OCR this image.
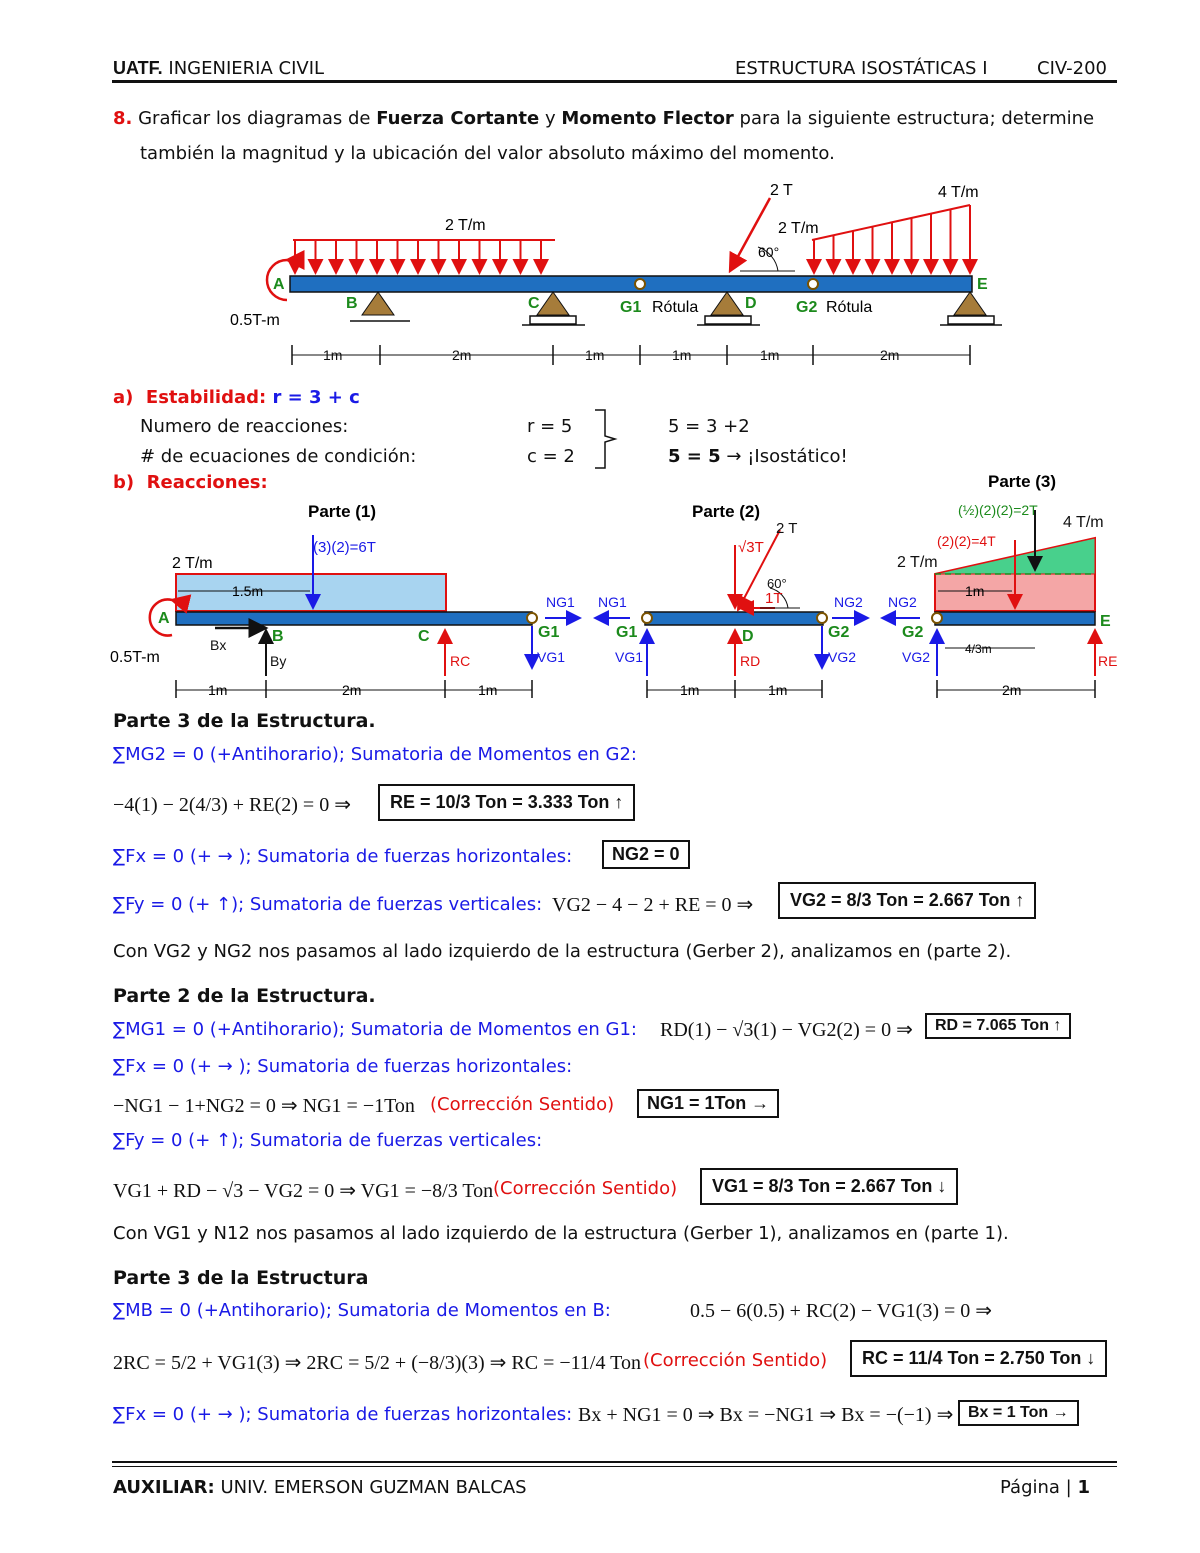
UATF. INGENIERIA CIVIL	ESTRUCTURA ISOSTÁTICAS I	CIV-200
8. Graficar los diagramas de Fuerza Cortante y Momento Flector para la siguiente estructura; determine
también la magnitud y la ubicación del valor absoluto máximo del momento.
2 T/m	2 T/m
4 T/m
2 T
60°
0.5T-m
A
B	C	G1	D G2
E
Rótula	Rótula
1m	2m	1m	1m	1m	2m
a) Estabilidad: r = 3 + c
Numero de reacciones:	r = 5	5 = 3 +2
# de ecuaciones de condición:	c = 2	5 = 5 → ¡Isostático!
b) Reacciones:
Parte (1)	Parte (2)
Parte (3)
2 T/m
(3)(2)=6T
1.5m
0.5T-m
A
B	C	G1
Bx
By	RC	VG1
NG1
2 T
√3T
1T
60°
G1	D	G2
NG1
VG1	RD
NG2
VG2
(½)(2)(2)=2T
(2)(2)=4T
2 T/m
4 T/m
1m
4/3m
G2
E
NG2
VG2	RE
1m	2m	1m	1m	1m	2m
Parte 3 de la Estructura.
∑MG2 = 0 (+Antihorario); Sumatoria de Momentos en G2:
−4(1) − 2(4/3) + RE(2) = 0 ⇒	RE = 10/3 Ton = 3.333 Ton ↑
∑Fx = 0 (+ → ); Sumatoria de fuerzas horizontales:	NG2 = 0
∑Fy = 0 (+ ↑); Sumatoria de fuerzas verticales: VG2 − 4 − 2 + RE = 0 ⇒	VG2 = 8/3 Ton = 2.667 Ton ↑
Con VG2 y NG2 nos pasamos al lado izquierdo de la estructura (Gerber 2), analizamos en (parte 2).
Parte 2 de la Estructura.
∑MG1 = 0 (+Antihorario); Sumatoria de Momentos en G1: RD(1) − √3(1) − VG2(2) = 0 ⇒	RD = 7.065 Ton ↑
∑Fx = 0 (+ → ); Sumatoria de fuerzas horizontales:
−NG1 − 1+NG2 = 0 ⇒ NG1 = −1Ton (Corrección Sentido)	NG1 = 1Ton →
∑Fy = 0 (+ ↑); Sumatoria de fuerzas verticales:
VG1 + RD − √3 − VG2 = 0 ⇒ VG1 = −8/3 Ton (Corrección Sentido)	VG1 = 8/3 Ton = 2.667 Ton ↓
Con VG1 y N12 nos pasamos al lado izquierdo de la estructura (Gerber 1), analizamos en (parte 1).
Parte 3 de la Estructura
∑MB = 0 (+Antihorario); Sumatoria de Momentos en B:	0.5 − 6(0.5) + RC(2) − VG1(3) = 0 ⇒
2RC = 5/2 + VG1(3) ⇒ 2RC = 5/2 + (−8/3)(3) ⇒ RC = −11/4 Ton (Corrección Sentido)	RC = 11/4 Ton = 2.750 Ton ↓
∑Fx = 0 (+ → ); Sumatoria de fuerzas horizontales: Bx + NG1 = 0 ⇒ Bx = −NG1 ⇒ Bx = −(−1) ⇒ Bx = 1 Ton →
AUXILIAR: UNIV. EMERSON GUZMAN BALCAS	Página | 1
